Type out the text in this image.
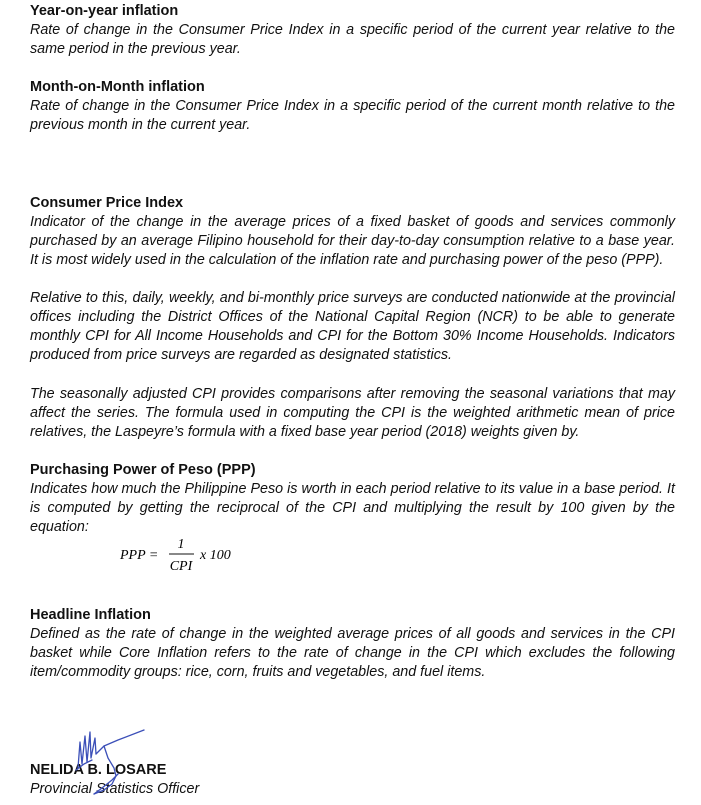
Year-on-year inflation

Rate of change in the Consumer Price Index in a specific period of the current year relative to the same period in the previous year.

Month-on-Month inflation

Rate of change in the Consumer Price Index in a specific period of the current month relative to the previous month in the current year.

Consumer Price Index

Indicator of the change in the average prices of a fixed basket of goods and services commonly purchased by an average Filipino household for their day-to-day consumption relative to a base year. It is most widely used in the calculation of the inflation rate and purchasing power of the peso (PPP).

Relative to this, daily, weekly, and bi-monthly price surveys are conducted nationwide at the provincial offices including the District Offices of the National Capital Region (NCR) to be able to generate monthly CPI for All Income Households and CPI for the Bottom 30% Income Households. Indicators produced from price surveys are regarded as designated statistics.

The seasonally adjusted CPI provides comparisons after removing the seasonal variations that may affect the series. The formula used in computing the CPI is the weighted arithmetic mean of price relatives, the Laspeyre’s formula with a fixed base year period (2018) weights given by.

Purchasing Power of Peso (PPP)

Indicates how much the Philippine Peso is worth in each period relative to its value in a base period. It is computed by getting the reciprocal of the CPI and multiplying the result by 100 given by the equation:

PPP =
1
CPI
x 100

Headline Inflation

Defined as the rate of change in the weighted average prices of all goods and services in the CPI basket while Core Inflation refers to the rate of change in the CPI which excludes the following item/commodity groups: rice, corn, fruits and vegetables, and fuel items.

NELIDA B. LOSARE

Provincial Statistics Officer
